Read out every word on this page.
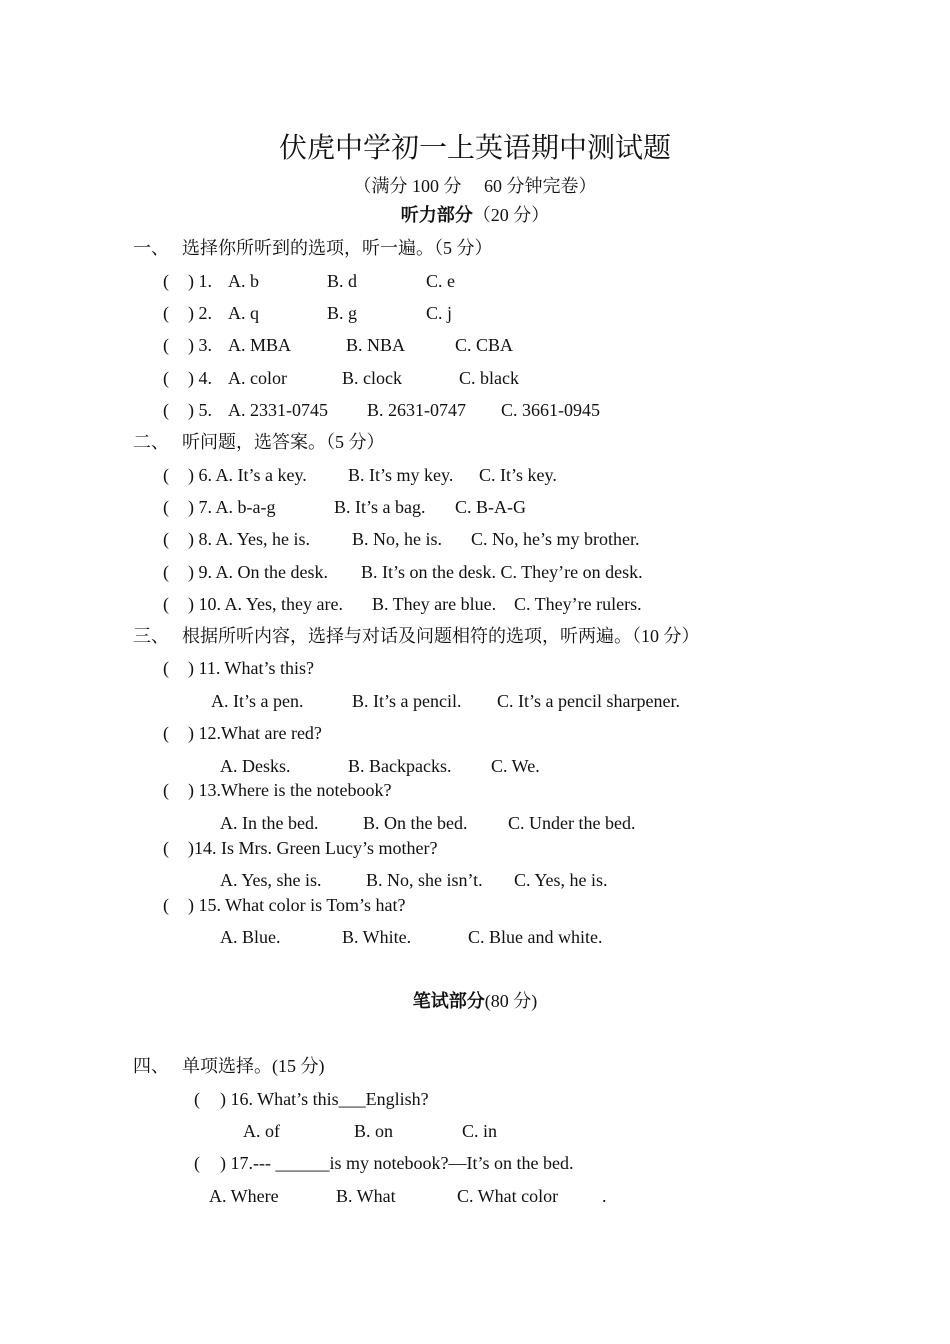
伏虎中学初一上英语期中测试题
（满分 100 分     60 分钟完卷）
听力部分（20 分）
一、 选择你所听到的选项，听一遍。（5 分）
( ) 1. A. b	B. d	C. e
( ) 2. A. q	B. g	C. j
( ) 3. A. MBA	B. NBA	C. CBA
( ) 4. A. color	B. clock	C. black
( ) 5. A. 2331-0745 B. 2631-0747 C. 3661-0945
二、 听问题，选答案。（5 分）
( ) 6. A. It’s a key. B. It’s my key. C. It’s key.
( ) 7. A. b-a-g	B. It’s a bag. C. B-A-G
( ) 8. A. Yes, he is. B. No, he is. C. No, he’s my brother.
( ) 9. A. On the desk. B. It’s on the desk. C. They’re on desk.
( ) 10. A. Yes, they are. B. They are blue. C. They’re rulers.
三、 根据所听内容，选择与对话及问题相符的选项，听两遍。（10 分）
( ) 11. What’s this?
A. It’s a pen.	B. It’s a pencil. C. It’s a pencil sharpener.
( ) 12.What are red?
A. Desks.	B. Backpacks. C. We.
( ) 13.Where is the notebook?
A. In the bed. B. On the bed. C. Under the bed.
( )14. Is Mrs. Green Lucy’s mother?
A. Yes, she is. B. No, she isn’t. C. Yes, he is.
( ) 15. What color is Tom’s hat?
A. Blue.	B. White.	C. Blue and white.
笔试部分(80 分)
四、 单项选择。(15 分)
( ) 16. What’s this___English?
A. of	B. on	C. in
( ) 17.--- ______is my notebook?—It’s on the bed.
A. Where	B. What	C. What color .
